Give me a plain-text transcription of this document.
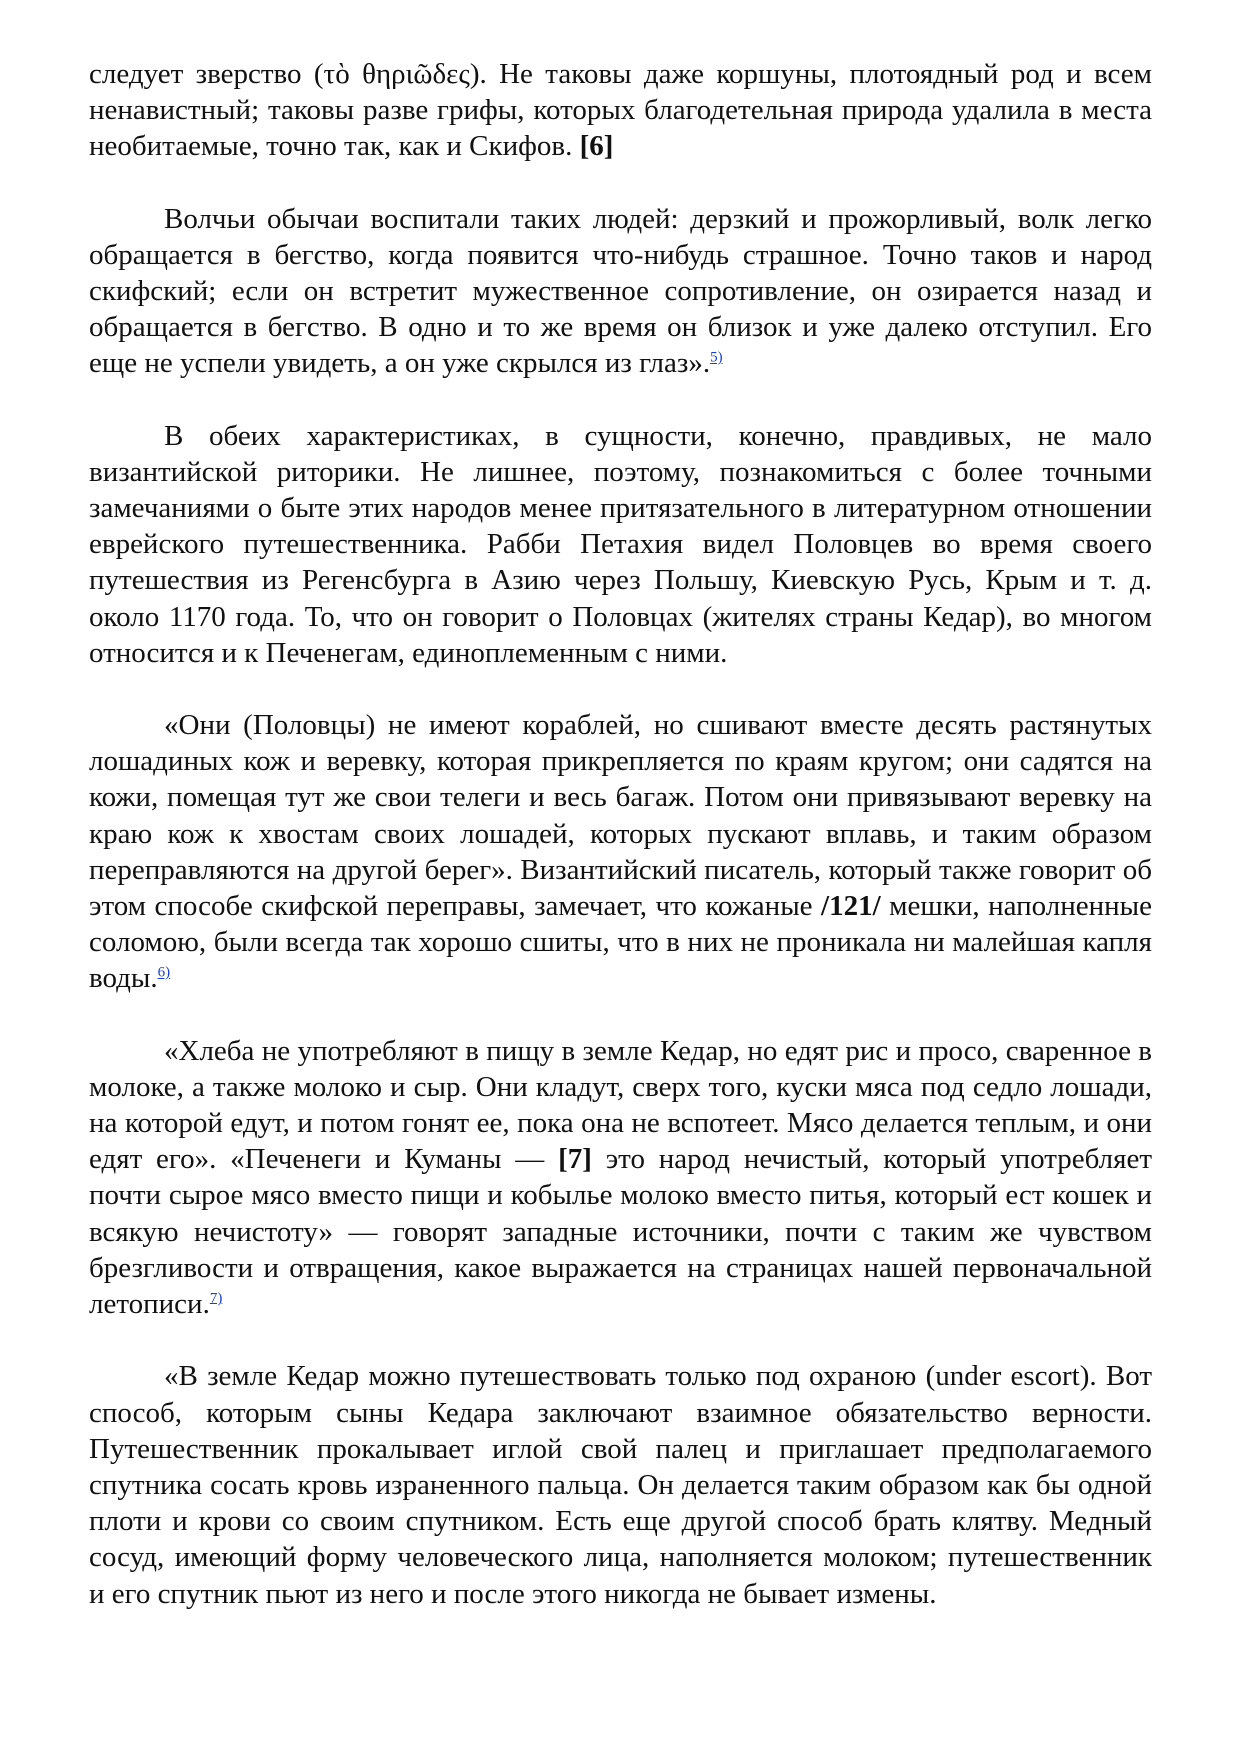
следует зверство (τὸ θηριῶδες). Не таковы даже коршуны, плотоядный род и всем ненавистный; таковы разве грифы, которых благодетельная природа удалила в места необитаемые, точно так, как и Скифов. [6]

Волчьи обычаи воспитали таких людей: дерзкий и прожорливый, волк легко обращается в бегство, когда появится что-нибудь страшное. Точно таков и народ скифский; если он встретит мужественное сопротивление, он озирается назад и обращается в бегство. В одно и то же время он близок и уже далеко отступил. Его еще не успели увидеть, а он уже скрылся из глаз».$^{5)}$

В обеих характеристиках, в сущности, конечно, правдивых, не мало византийской риторики. Не лишнее, поэтому, познакомиться с более точными замечаниями о быте этих народов менее притязательного в литературном отношении еврейского путешественника. Рабби Петахия видел Половцев во время своего путешествия из Регенсбурга в Азию через Польшу, Киевскую Русь, Крым и т. д. около 1170 года. То, что он говорит о Половцах (жителях страны Кедар), во многом относится и к Печенегам, единоплеменным с ними.

«Они (Половцы) не имеют кораблей, но сшивают вместе десять растянутых лошадиных кож и веревку, которая прикрепляется по краям кругом; они садятся на кожи, помещая тут же свои телеги и весь багаж. Потом они привязывают веревку на краю кож к хвостам своих лошадей, которых пускают вплавь, и таким образом переправляются на другой берег». Византийский писатель, который также говорит об этом способе скифской переправы, замечает, что кожаные /121/ мешки, наполненные соломою, были всегда так хорошо сшиты, что в них не проникала ни малейшая капля воды.$^{6)}$

«Хлеба не употребляют в пищу в земле Кедар, но едят рис и просо, сваренное в молоке, а также молоко и сыр. Они кладут, сверх того, куски мяса под седло лошади, на которой едут, и потом гонят ее, пока она не вспотеет. Мясо делается теплым, и они едят его». «Печенеги и Куманы — [7] это народ нечистый, который употребляет почти сырое мясо вместо пищи и кобылье молоко вместо питья, который ест кошек и всякую нечистоту» — говорят западные источники, почти с таким же чувством брезгливости и отвращения, какое выражается на страницах нашей первоначальной летописи.$^{7)}$

«В земле Кедар можно путешествовать только под охраною (under escort). Вот способ, которым сыны Кедара заключают взаимное обязательство верности. Путешественник прокалывает иглой свой палец и приглашает предполагаемого спутника сосать кровь израненного пальца. Он делается таким образом как бы одной плоти и крови со своим спутником. Есть еще другой способ брать клятву. Медный сосуд, имеющий форму человеческого лица, наполняется молоком; путешественник и его спутник пьют из него и после этого никогда не бывает измены.
